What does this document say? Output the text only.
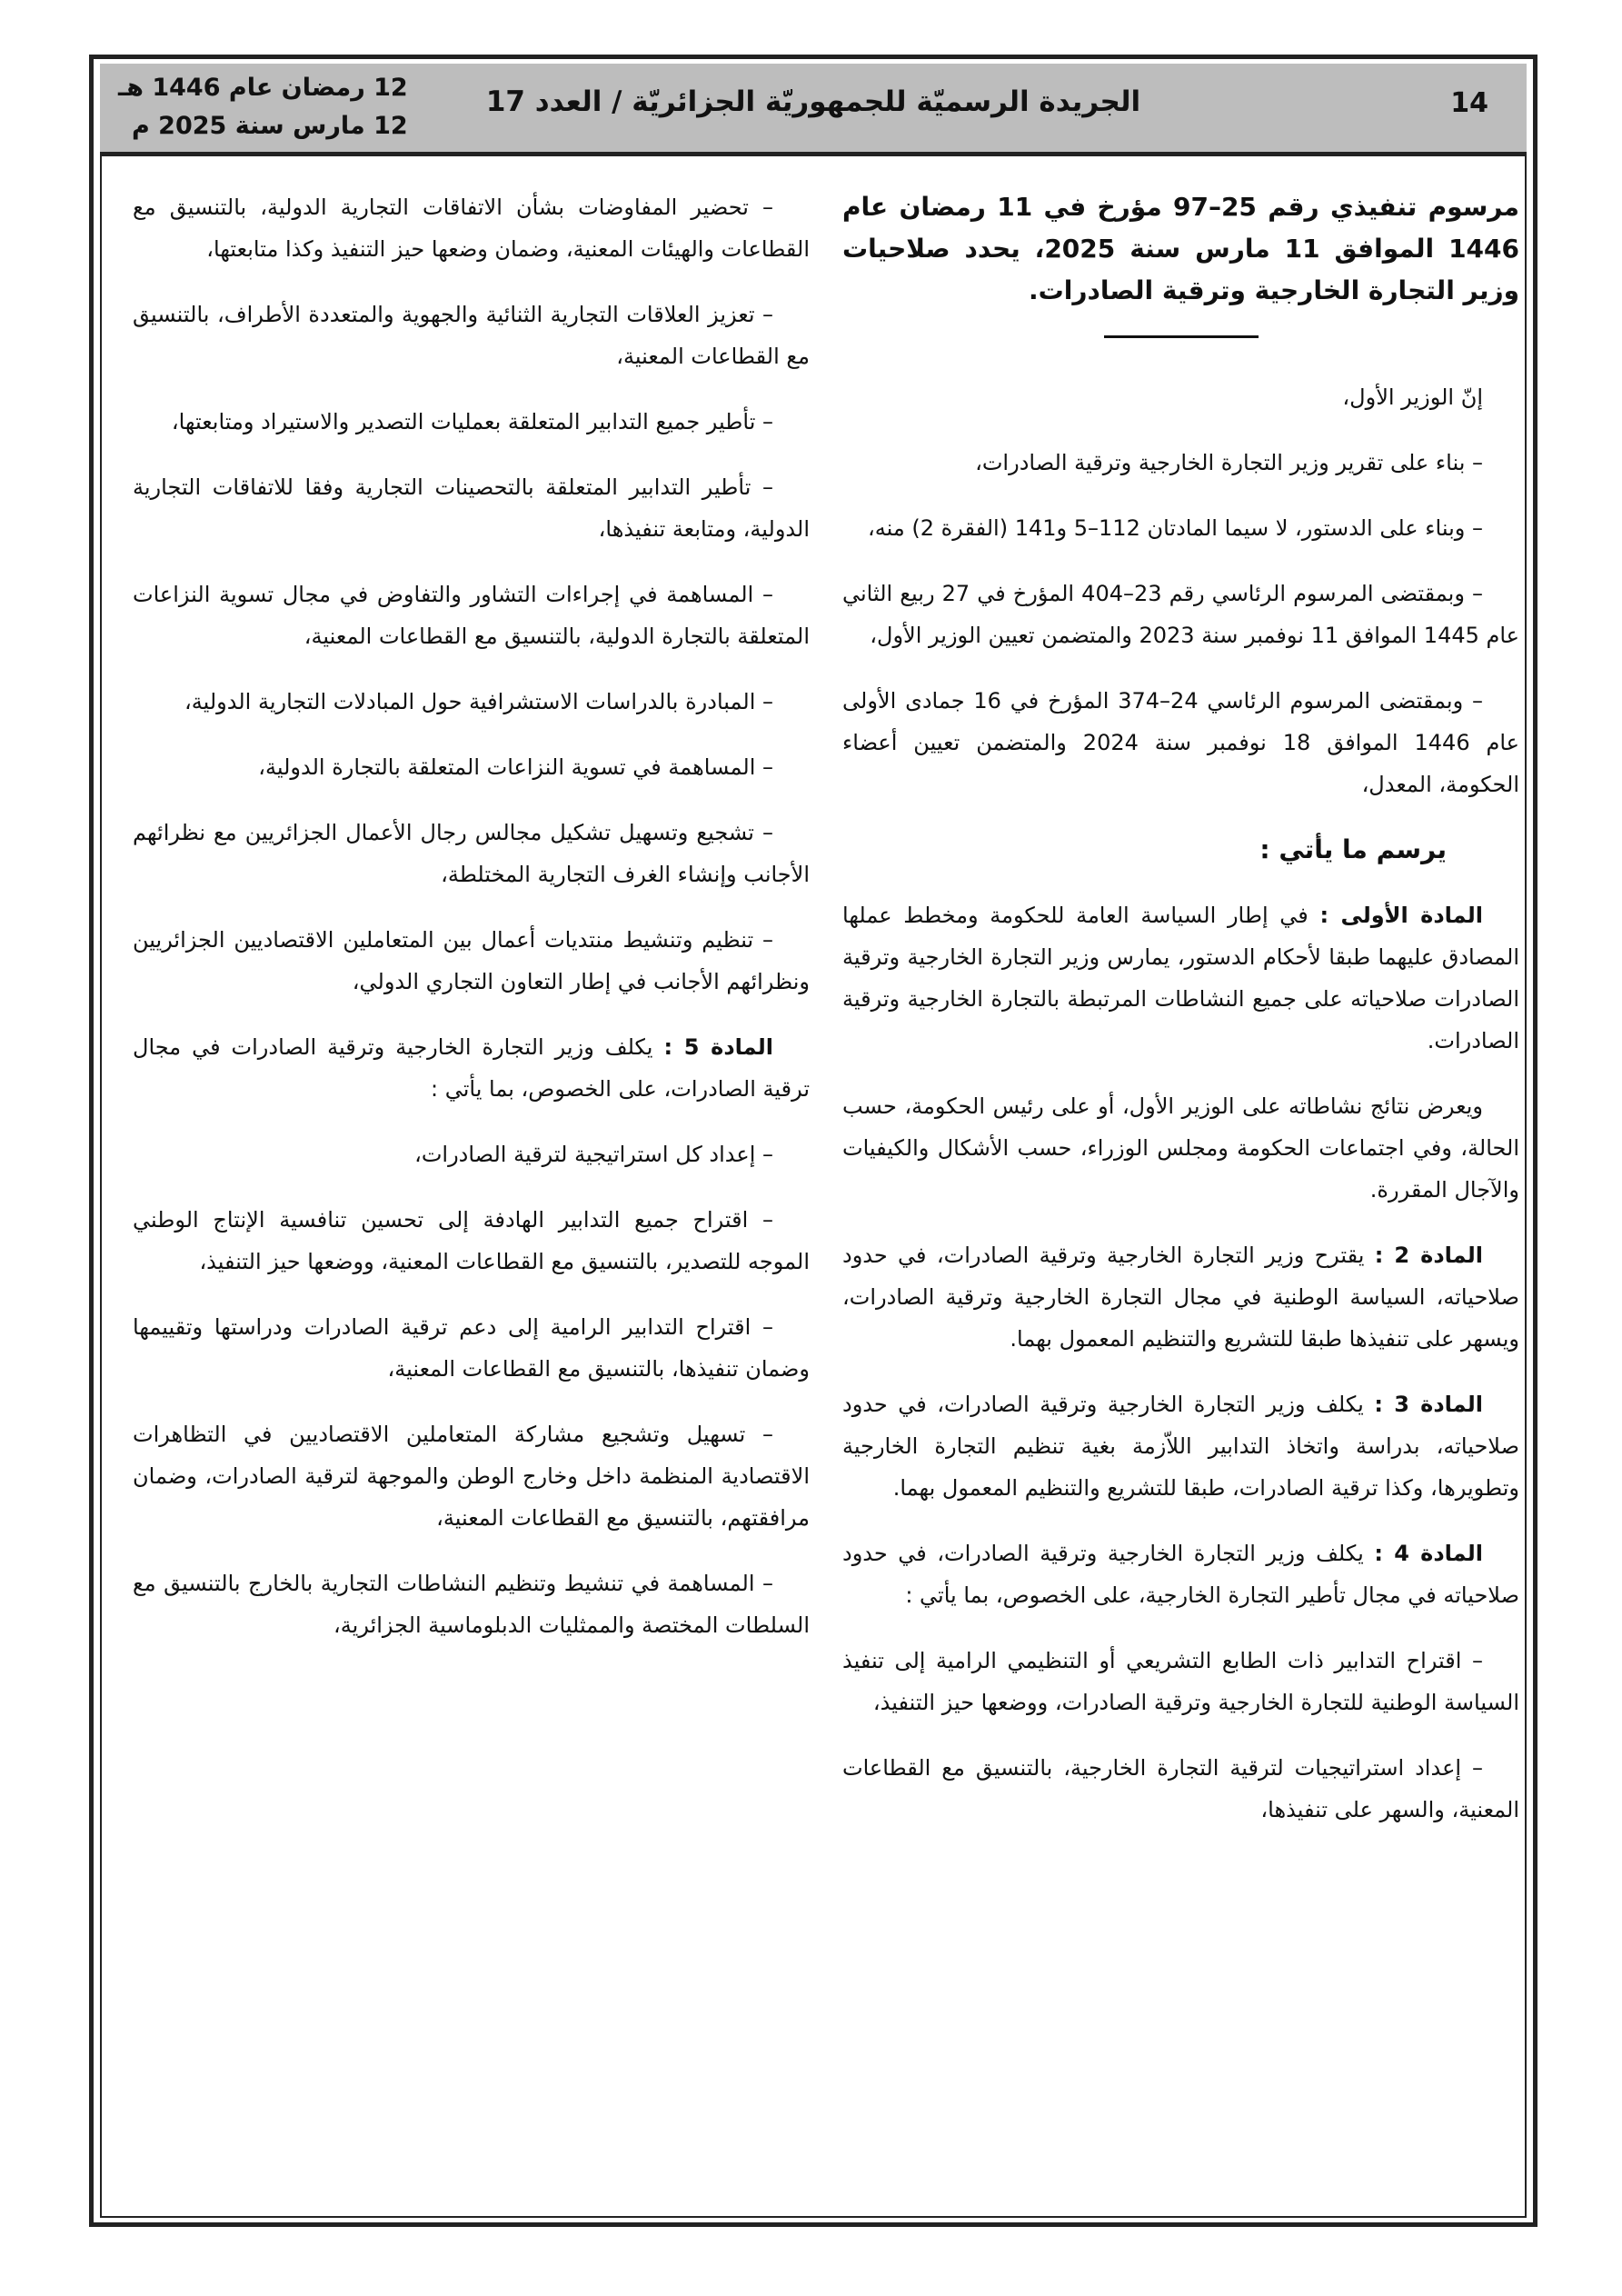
14
الجريدة الرسميّة للجمهوريّة الجزائريّة / العدد 17
12 رمضان عام 1446 هـ
12 مارس سنة 2025 م

مرسوم تنفيذي رقم 25–97 مؤرخ في 11 رمضان عام 1446 الموافق 11 مارس سنة 2025، يحدد صلاحيات وزير التجارة الخارجية وترقية الصادرات.

إنّ الوزير الأول،

– بناء على تقرير وزير التجارة الخارجية وترقية الصادرات،

– وبناء على الدستور، لا سيما المادتان 112–5 و141 (الفقرة 2) منه،

– وبمقتضى المرسوم الرئاسي رقم 23–404 المؤرخ في 27 ربيع الثاني عام 1445 الموافق 11 نوفمبر سنة 2023 والمتضمن تعيين الوزير الأول،

– وبمقتضى المرسوم الرئاسي 24–374 المؤرخ في 16 جمادى الأولى عام 1446 الموافق 18 نوفمبر سنة 2024 والمتضمن تعيين أعضاء الحكومة، المعدل،

يرسم ما يأتي :

المادة الأولى : في إطار السياسة العامة للحكومة ومخطط عملها المصادق عليهما طبقا لأحكام الدستور، يمارس وزير التجارة الخارجية وترقية الصادرات صلاحياته على جميع النشاطات المرتبطة بالتجارة الخارجية وترقية الصادرات.

ويعرض نتائج نشاطاته على الوزير الأول، أو على رئيس الحكومة، حسب الحالة، وفي اجتماعات الحكومة ومجلس الوزراء، حسب الأشكال والكيفيات والآجال المقررة.

المادة 2 : يقترح وزير التجارة الخارجية وترقية الصادرات، في حدود صلاحياته، السياسة الوطنية في مجال التجارة الخارجية وترقية الصادرات، ويسهر على تنفيذها طبقا للتشريع والتنظيم المعمول بهما.

المادة 3 : يكلف وزير التجارة الخارجية وترقية الصادرات، في حدود صلاحياته، بدراسة واتخاذ التدابير اللاّزمة بغية تنظيم التجارة الخارجية وتطويرها، وكذا ترقية الصادرات، طبقا للتشريع والتنظيم المعمول بهما.

المادة 4 : يكلف وزير التجارة الخارجية وترقية الصادرات، في حدود صلاحياته في مجال تأطير التجارة الخارجية، على الخصوص، بما يأتي :

– اقتراح التدابير ذات الطابع التشريعي أو التنظيمي الرامية إلى تنفيذ السياسة الوطنية للتجارة الخارجية وترقية الصادرات، ووضعها حيز التنفيذ،

– إعداد استراتيجيات لترقية التجارة الخارجية، بالتنسيق مع القطاعات المعنية، والسهر على تنفيذها،

– تحضير المفاوضات بشأن الاتفاقات التجارية الدولية، بالتنسيق مع القطاعات والهيئات المعنية، وضمان وضعها حيز التنفيذ وكذا متابعتها،

– تعزيز العلاقات التجارية الثنائية والجهوية والمتعددة الأطراف، بالتنسيق مع القطاعات المعنية،

– تأطير جميع التدابير المتعلقة بعمليات التصدير والاستيراد ومتابعتها،

– تأطير التدابير المتعلقة بالتحصينات التجارية وفقا للاتفاقات التجارية الدولية، ومتابعة تنفيذها،

– المساهمة في إجراءات التشاور والتفاوض في مجال تسوية النزاعات المتعلقة بالتجارة الدولية، بالتنسيق مع القطاعات المعنية،

– المبادرة بالدراسات الاستشرافية حول المبادلات التجارية الدولية،

– المساهمة في تسوية النزاعات المتعلقة بالتجارة الدولية،

– تشجيع وتسهيل تشكيل مجالس رجال الأعمال الجزائريين مع نظرائهم الأجانب وإنشاء الغرف التجارية المختلطة،

– تنظيم وتنشيط منتديات أعمال بين المتعاملين الاقتصاديين الجزائريين ونظرائهم الأجانب في إطار التعاون التجاري الدولي،

المادة 5 : يكلف وزير التجارة الخارجية وترقية الصادرات في مجال ترقية الصادرات، على الخصوص، بما يأتي :

– إعداد كل استراتيجية لترقية الصادرات،

– اقتراح جميع التدابير الهادفة إلى تحسين تنافسية الإنتاج الوطني الموجه للتصدير، بالتنسيق مع القطاعات المعنية، ووضعها حيز التنفيذ،

– اقتراح التدابير الرامية إلى دعم ترقية الصادرات ودراستها وتقييمها وضمان تنفيذها، بالتنسيق مع القطاعات المعنية،

– تسهيل وتشجيع مشاركة المتعاملين الاقتصاديين في التظاهرات الاقتصادية المنظمة داخل وخارج الوطن والموجهة لترقية الصادرات، وضمان مرافقتهم، بالتنسيق مع القطاعات المعنية،

– المساهمة في تنشيط وتنظيم النشاطات التجارية بالخارج بالتنسيق مع السلطات المختصة والممثليات الدبلوماسية الجزائرية،
